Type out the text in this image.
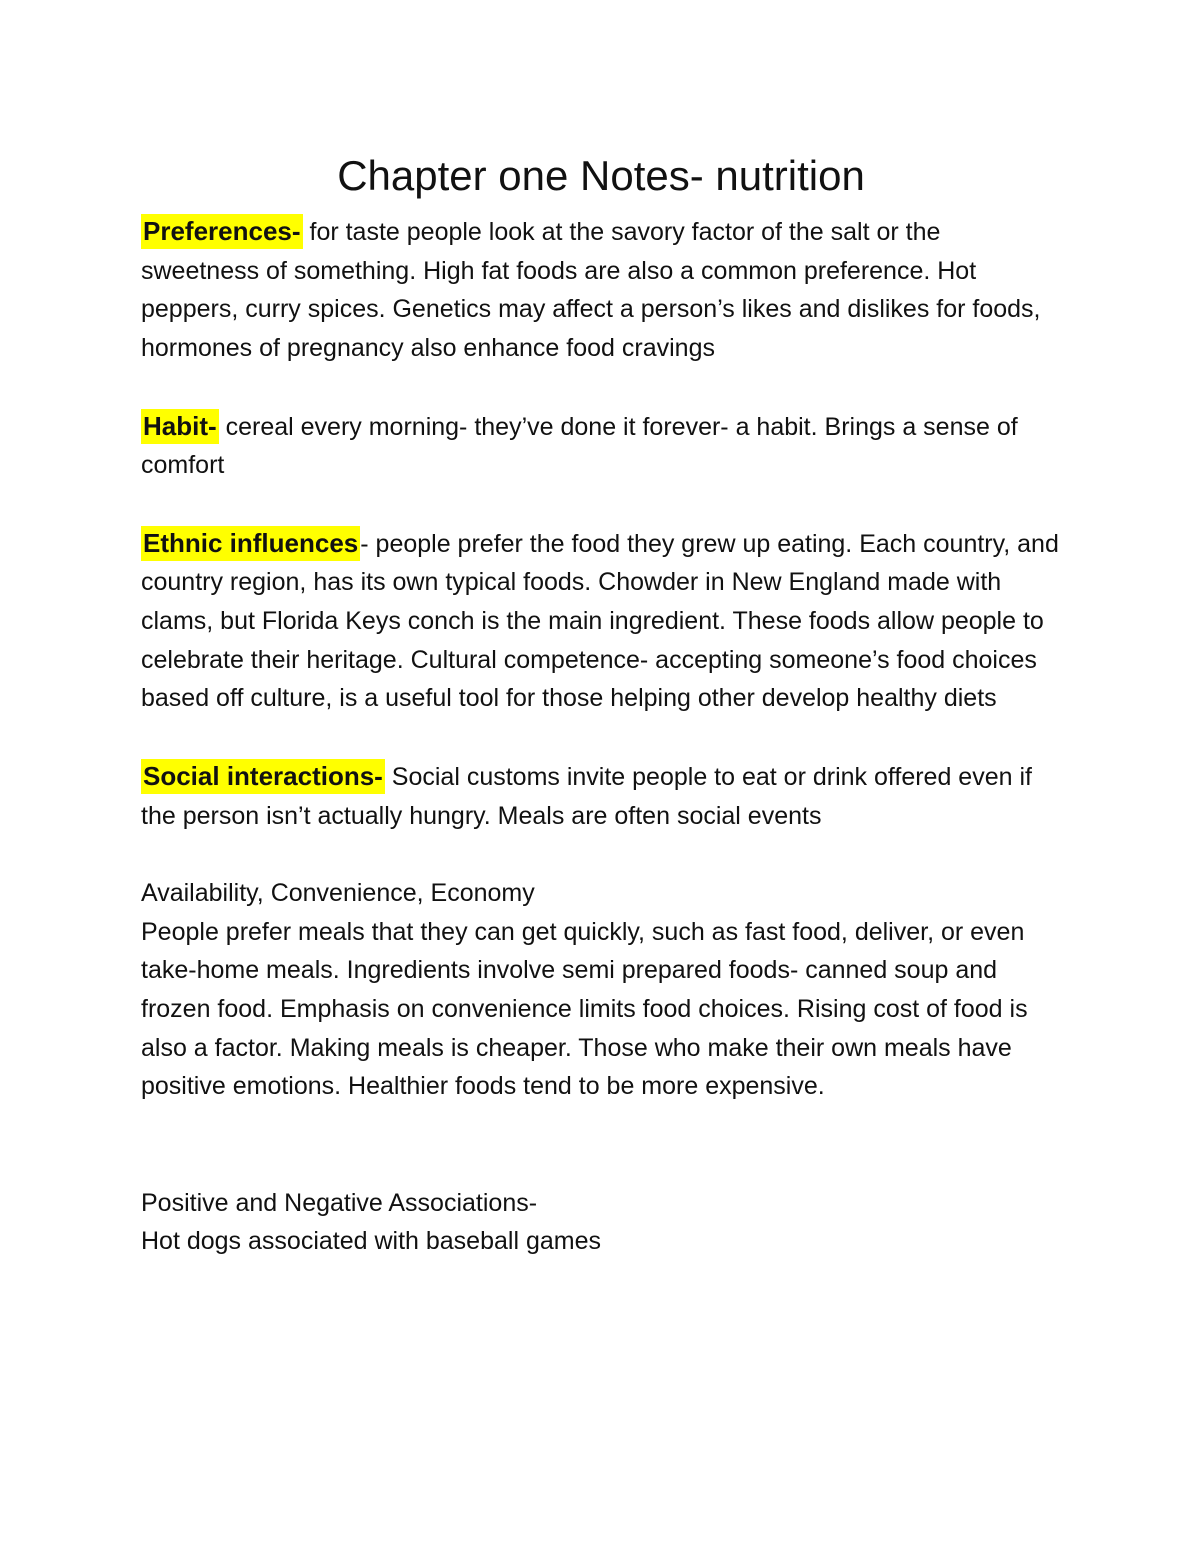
Chapter one Notes- nutrition

Preferences- for taste people look at the savory factor of the salt or the sweetness of something. High fat foods are also a common preference. Hot peppers, curry spices. Genetics may affect a person’s likes and dislikes for foods, hormones of pregnancy also enhance food cravings

Habit- cereal every morning- they’ve done it forever- a habit. Brings a sense of comfort

Ethnic influences- people prefer the food they grew up eating. Each country, and country region, has its own typical foods. Chowder in New England made with clams, but Florida Keys conch is the main ingredient. These foods allow people to celebrate their heritage. Cultural competence- accepting someone’s food choices based off culture, is a useful tool for those helping other develop healthy diets

Social interactions- Social customs invite people to eat or drink offered even if the person isn’t actually hungry. Meals are often social events

Availability, Convenience, Economy

People prefer meals that they can get quickly, such as fast food, deliver, or even take-home meals. Ingredients involve semi prepared foods- canned soup and frozen food. Emphasis on convenience limits food choices. Rising cost of food is also a factor. Making meals is cheaper. Those who make their own meals have positive emotions. Healthier foods tend to be more expensive.

Positive and Negative Associations-

Hot dogs associated with baseball games
